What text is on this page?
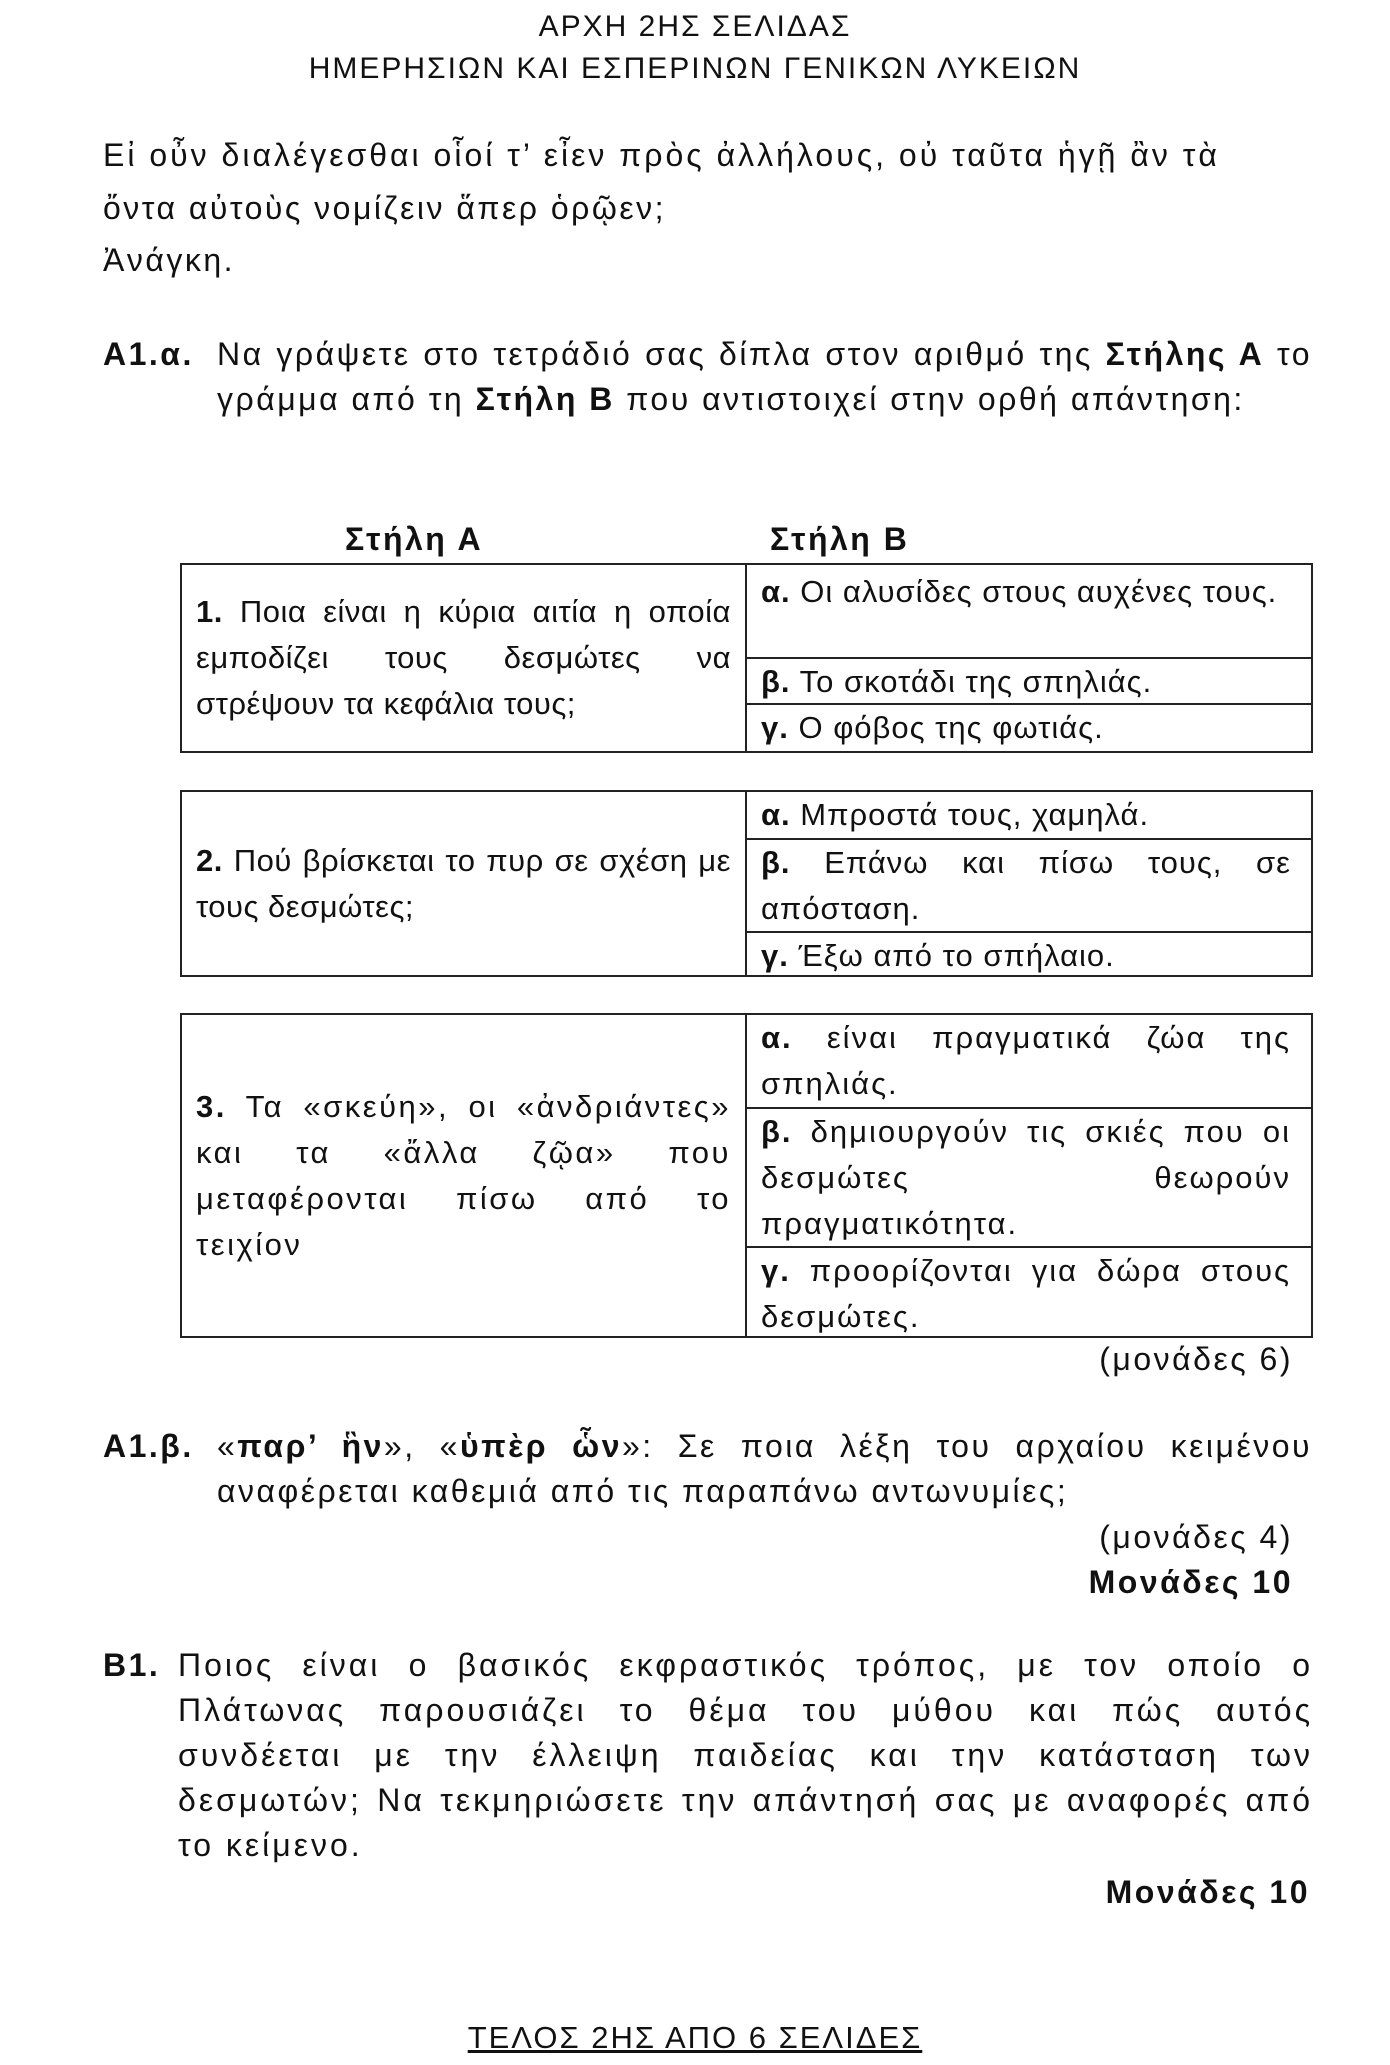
ΑΡΧΗ 2ΗΣ ΣΕΛΙΔΑΣ
ΗΜΕΡΗΣΙΩΝ ΚΑΙ ΕΣΠΕΡΙΝΩΝ ΓΕΝΙΚΩΝ ΛΥΚΕΙΩΝ
Εἰ οὖν διαλέγεσθαι οἷοί τ’ εἶεν πρὸς ἀλλήλους, οὐ ταῦτα ἡγῇ ἂν τὰ
ὄντα αὐτοὺς νομίζειν ἅπερ ὁρῷεν;
Ἀνάγκη.
Α1.α. Να γράψετε στο τετράδιό σας δίπλα στον αριθμό της Στήλης Α το γράμμα από τη Στήλη Β που αντιστοιχεί στην ορθή απάντηση:
Στήλη Α	Στήλη Β
1. Ποια είναι η κύρια αιτία η οποία εμποδίζει τους δεσμώτες να στρέψουν τα κεφάλια τους;
α. Οι αλυσίδες στους αυχένες τους.
β. Το σκοτάδι της σπηλιάς.
γ. Ο φόβος της φωτιάς.
2. Πού βρίσκεται το πυρ σε σχέση με τους δεσμώτες;
α. Μπροστά τους, χαμηλά.
β. Επάνω και πίσω τους, σε απόσταση.
γ. Έξω από το σπήλαιο.
3. Τα «σκεύη», οι «ἀνδριάντες» και τα «ἄλλα ζῷα» που μεταφέρονται πίσω από το τειχίον
α. είναι πραγματικά ζώα της σπηλιάς.
β. δημιουργούν τις σκιές που οι δεσμώτες θεωρούν πραγματικότητα.
γ. προορίζονται για δώρα στους δεσμώτες.
(μονάδες 6)
Α1.β. «παρ’ ἣν», «ὑπὲρ ὧν»: Σε ποια λέξη του αρχαίου κειμένου αναφέρεται καθεμιά από τις παραπάνω αντωνυμίες;
(μονάδες 4)
Μονάδες 10
Β1. Ποιος είναι ο βασικός εκφραστικός τρόπος, με τον οποίο ο Πλάτωνας παρουσιάζει το θέμα του μύθου και πώς αυτός συνδέεται με την έλλειψη παιδείας και την κατάσταση των δεσμωτών; Να τεκμηριώσετε την απάντησή σας με αναφορές από το κείμενο.
Μονάδες 10
ΤΕΛΟΣ 2ΗΣ ΑΠΟ 6 ΣΕΛΙΔΕΣ
